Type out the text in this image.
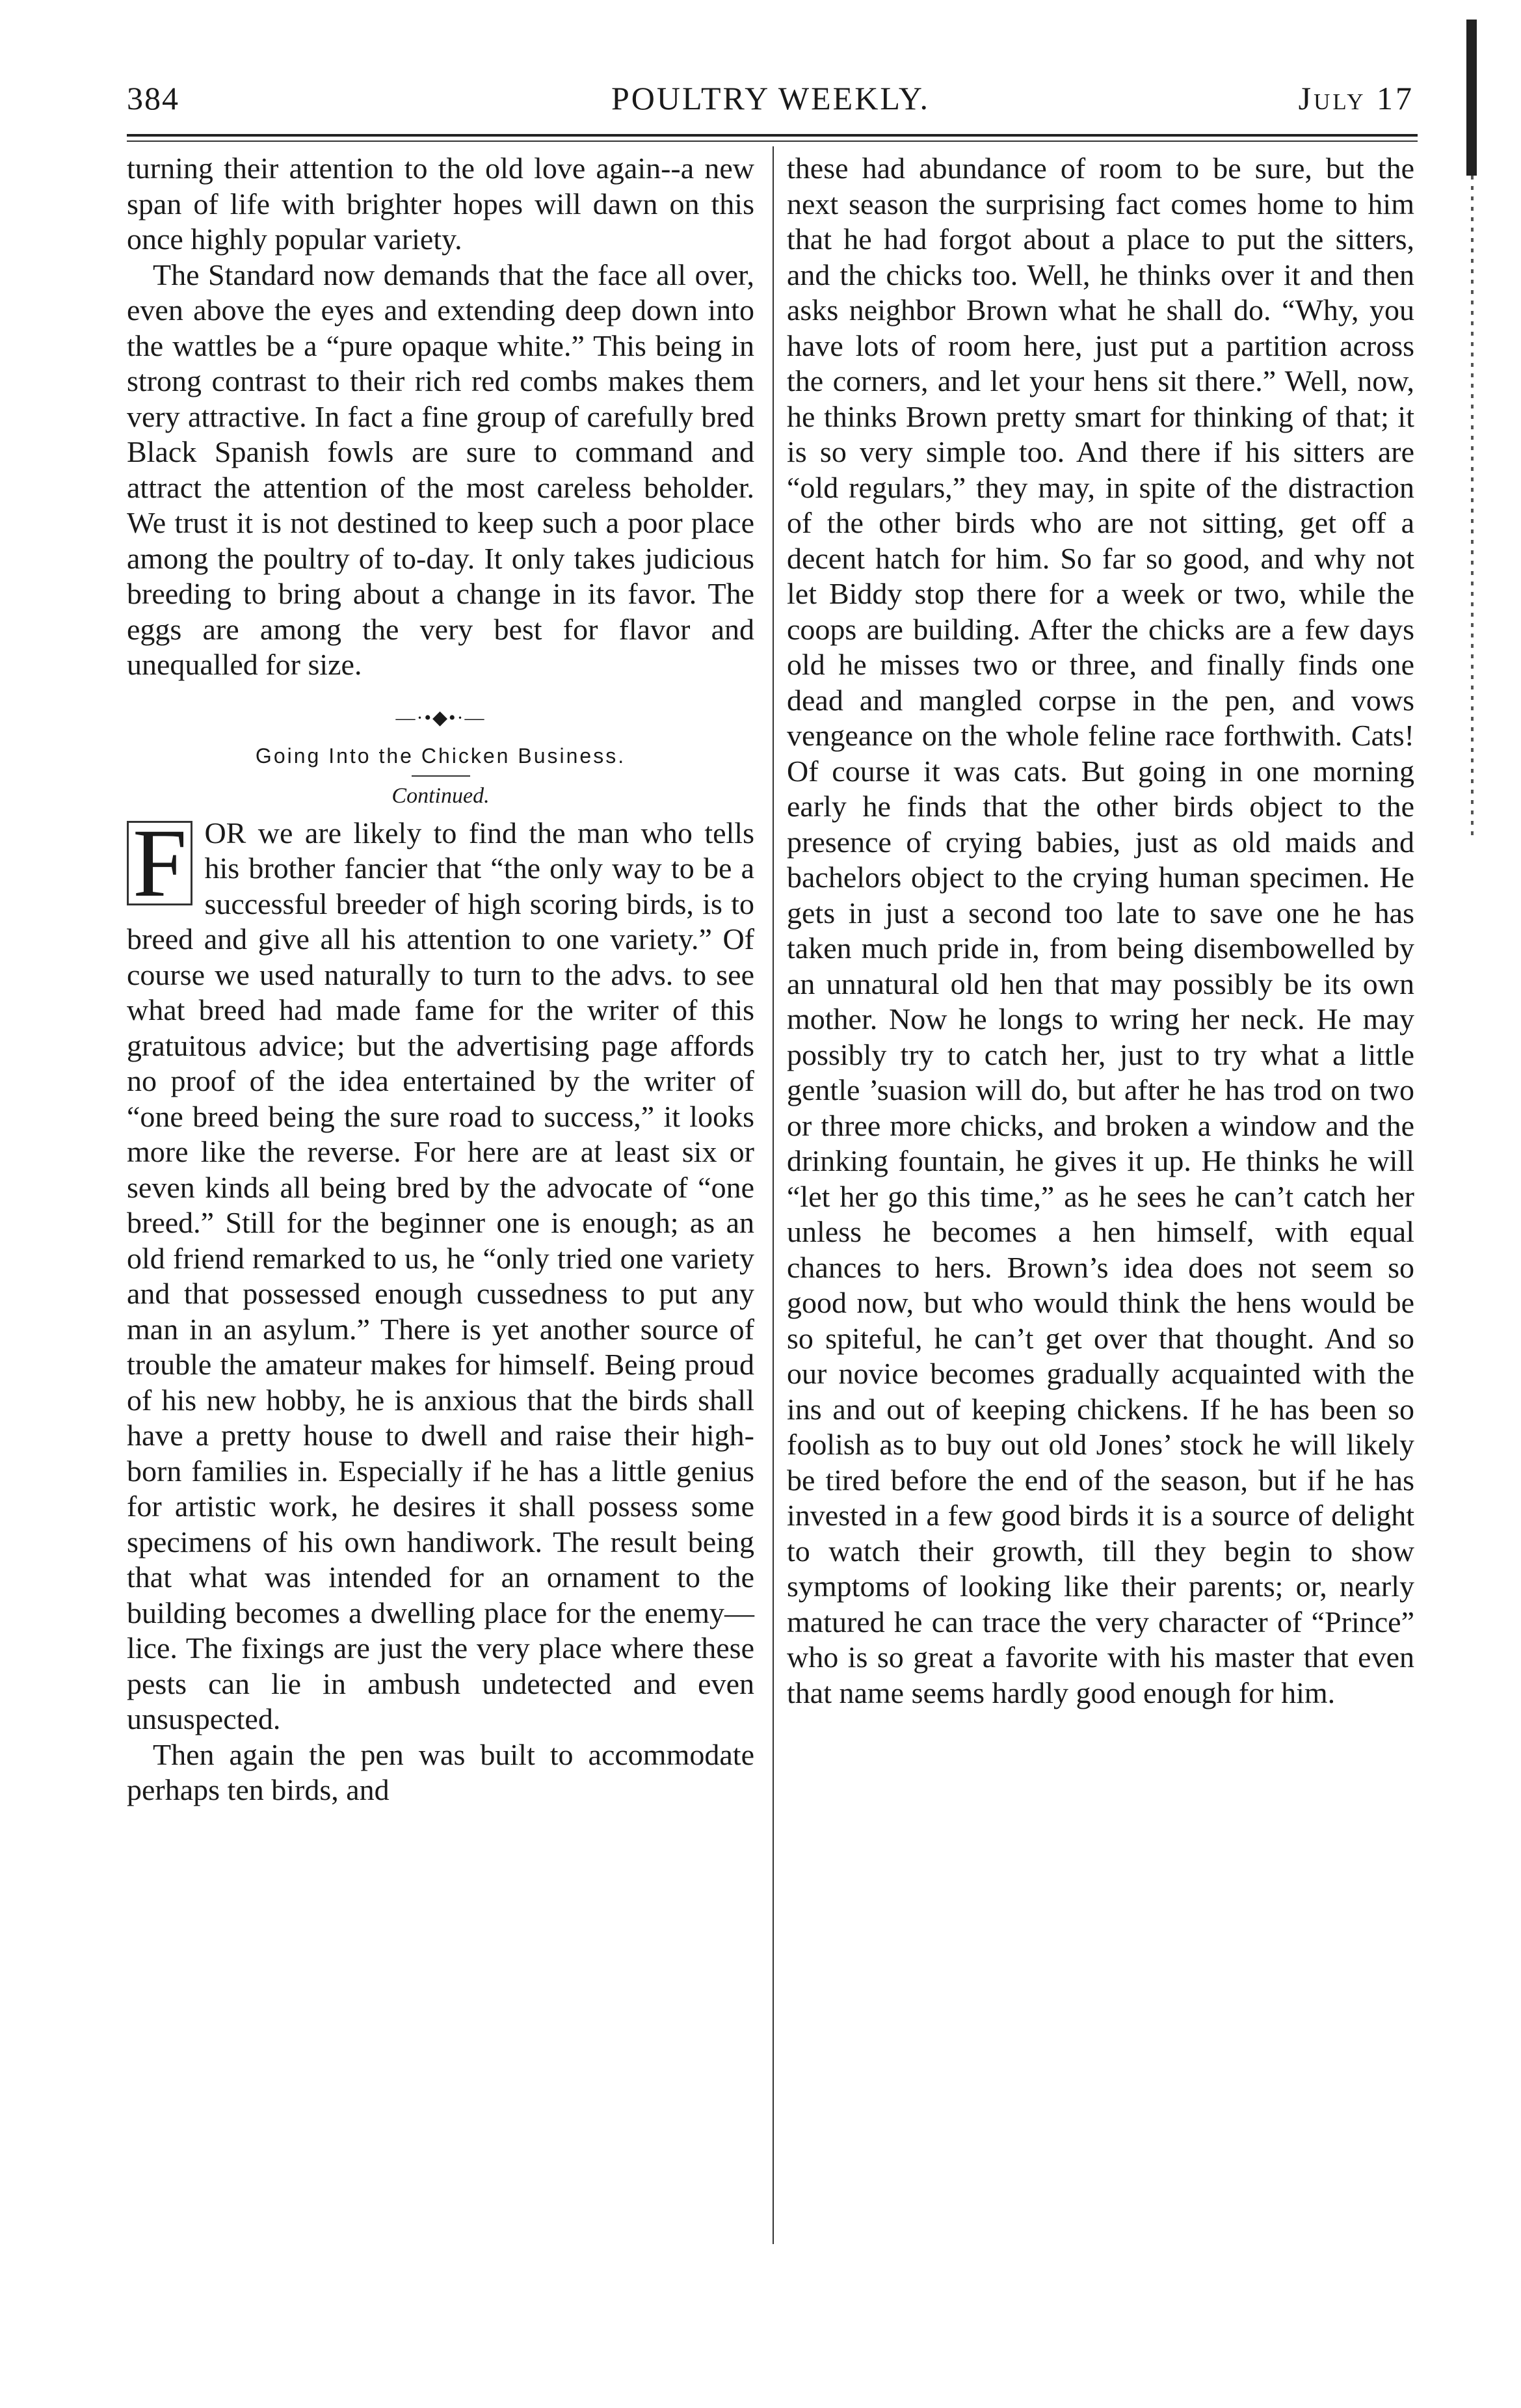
384	POULTRY WEEKLY.	July 17

turning their attention to the old love again--a new span of life with brighter hopes will dawn on this once highly popular variety.

The Standard now demands that the face all over, even above the eyes and extending deep down into the wattles be a “pure opaque white.” This being in strong contrast to their rich red combs makes them very attractive. In fact a fine group of carefully bred Black Spanish fowls are sure to command and attract the attention of the most careless beholder. We trust it is not destined to keep such a poor place among the poultry of to-day. It only takes judicious breeding to bring about a change in its favor. The eggs are among the very best for flavor and unequalled for size.

—·•◆•·—
Going Into the Chicken Business.
Continued.

F OR we are likely to find the man who tells his brother fancier that “the only way to be a successful breeder of high scoring birds, is to breed and give all his attention to one variety.” Of course we used naturally to turn to the advs. to see what breed had made fame for the writer of this gratuitous advice; but the advertising page affords no proof of the idea entertained by the writer of “one breed being the sure road to success,” it looks more like the reverse. For here are at least six or seven kinds all being bred by the advocate of “one breed.” Still for the beginner one is enough; as an old friend remarked to us, he “only tried one variety and that possessed enough cussedness to put any man in an asylum.” There is yet another source of trouble the amateur makes for himself. Being proud of his new hobby, he is anxious that the birds shall have a pretty house to dwell and raise their high-born families in. Especially if he has a little genius for artistic work, he desires it shall possess some specimens of his own handiwork. The result being that what was intended for an ornament to the building becomes a dwelling place for the enemy—lice. The fixings are just the very place where these pests can lie in ambush undetected and even unsuspected.

Then again the pen was built to accommodate perhaps ten birds, and

these had abundance of room to be sure, but the next season the surprising fact comes home to him that he had forgot about a place to put the sitters, and the chicks too. Well, he thinks over it and then asks neighbor Brown what he shall do. “Why, you have lots of room here, just put a partition across the corners, and let your hens sit there.” Well, now, he thinks Brown pretty smart for thinking of that; it is so very simple too. And there if his sitters are “old regulars,” they may, in spite of the distraction of the other birds who are not sitting, get off a decent hatch for him. So far so good, and why not let Biddy stop there for a week or two, while the coops are building. After the chicks are a few days old he misses two or three, and finally finds one dead and mangled corpse in the pen, and vows vengeance on the whole feline race forthwith. Cats! Of course it was cats. But going in one morning early he finds that the other birds object to the presence of crying babies, just as old maids and bachelors object to the crying human specimen. He gets in just a second too late to save one he has taken much pride in, from being disembowelled by an unnatural old hen that may possibly be its own mother. Now he longs to wring her neck. He may possibly try to catch her, just to try what a little gentle ’suasion will do, but after he has trod on two or three more chicks, and broken a window and the drinking fountain, he gives it up. He thinks he will “let her go this time,” as he sees he can’t catch her unless he becomes a hen himself, with equal chances to hers. Brown’s idea does not seem so good now, but who would think the hens would be so spiteful, he can’t get over that thought. And so our novice becomes gradually acquainted with the ins and out of keeping chickens. If he has been so foolish as to buy out old Jones’ stock he will likely be tired before the end of the season, but if he has invested in a few good birds it is a source of delight to watch their growth, till they begin to show symptoms of looking like their parents; or, nearly matured he can trace the very character of “Prince” who is so great a favorite with his master that even that name seems hardly good enough for him.
